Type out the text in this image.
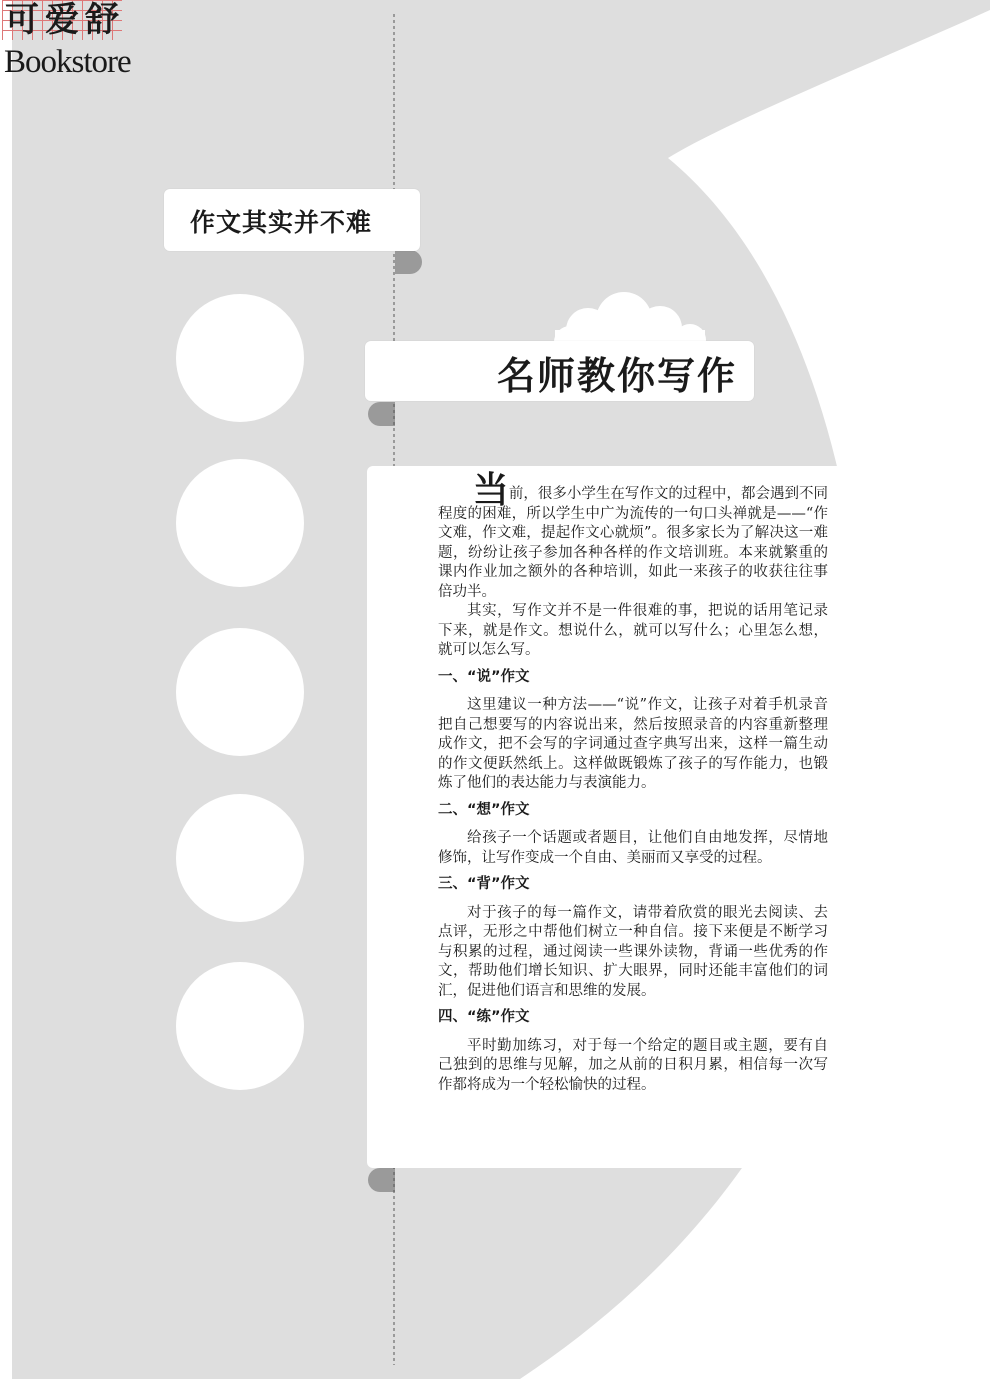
可 爱 舒
Bookstore
作文其实并不难
名师教你写作

当前，很多小学生在写作文的过程中，都会遇到不同程度的困难，所以学生中广为流传的一句口头禅就是——“作文难，作文难，提起作文心就烦”。很多家长为了解决这一难题，纷纷让孩子参加各种各样的作文培训班。本来就繁重的课内作业加之额外的各种培训，如此一来孩子的收获往往事倍功半。

其实，写作文并不是一件很难的事，把说的话用笔记录下来，就是作文。想说什么，就可以写什么；心里怎么想，就可以怎么写。

一、“说”作文

这里建议一种方法——“说”作文，让孩子对着手机录音把自己想要写的内容说出来，然后按照录音的内容重新整理成作文，把不会写的字词通过查字典写出来，这样一篇生动的作文便跃然纸上。这样做既锻炼了孩子的写作能力，也锻炼了他们的表达能力与表演能力。

二、“想”作文

给孩子一个话题或者题目，让他们自由地发挥，尽情地修饰，让写作变成一个自由、美丽而又享受的过程。

三、“背”作文

对于孩子的每一篇作文，请带着欣赏的眼光去阅读、去点评，无形之中帮他们树立一种自信。接下来便是不断学习与积累的过程，通过阅读一些课外读物，背诵一些优秀的作文，帮助他们增长知识、扩大眼界，同时还能丰富他们的词汇，促进他们语言和思维的发展。

四、“练”作文

平时勤加练习，对于每一个给定的题目或主题，要有自己独到的思维与见解，加之从前的日积月累，相信每一次写作都将成为一个轻松愉快的过程。
